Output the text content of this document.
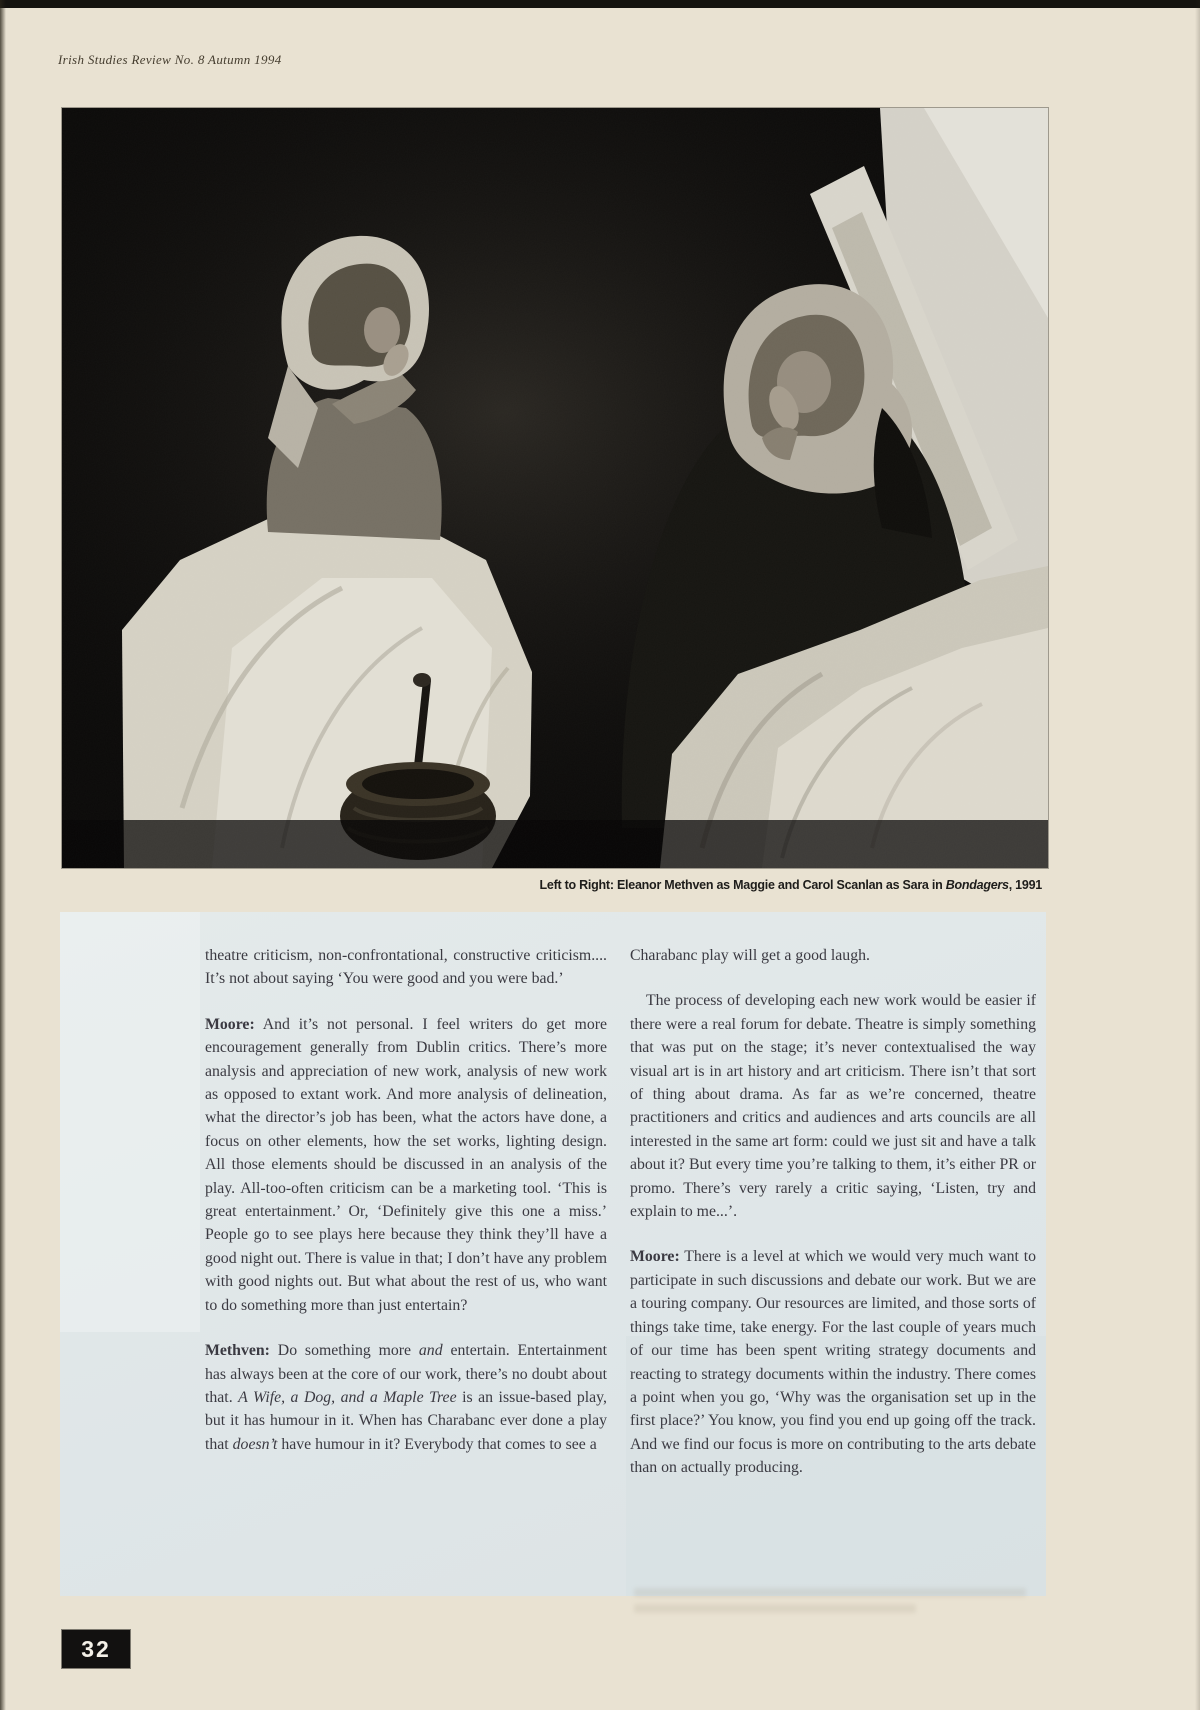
Irish Studies Review No. 8 Autumn 1994
Left to Right: Eleanor Methven as Maggie and Carol Scanlan as Sara in Bondagers, 1991

theatre criticism, non-confrontational, constructive criticism.... It’s not about saying ‘You were good and you were bad.’

Moore: And it’s not personal. I feel writers do get more encouragement generally from Dublin critics. There’s more analysis and appreciation of new work, analysis of new work as opposed to extant work. And more analysis of delineation, what the director’s job has been, what the actors have done, a focus on other elements, how the set works, lighting design. All those elements should be discussed in an analysis of the play. All-too-often criticism can be a marketing tool. ‘This is great entertainment.’ Or, ‘Definitely give this one a miss.’ People go to see plays here because they think they’ll have a good night out. There is value in that; I don’t have any problem with good nights out. But what about the rest of us, who want to do something more than just entertain?

Methven: Do something more and entertain. Entertainment has always been at the core of our work, there’s no doubt about that. A Wife, a Dog, and a Maple Tree is an issue-based play, but it has humour in it. When has Charabanc ever done a play that doesn’t have humour in it? Everybody that comes to see a

Charabanc play will get a good laugh.

The process of developing each new work would be easier if there were a real forum for debate. Theatre is simply something that was put on the stage; it’s never contextualised the way visual art is in art history and art criticism. There isn’t that sort of thing about drama. As far as we’re concerned, theatre practitioners and critics and audiences and arts councils are all interested in the same art form: could we just sit and have a talk about it? But every time you’re talking to them, it’s either PR or promo. There’s very rarely a critic saying, ‘Listen, try and explain to me...’.

Moore: There is a level at which we would very much want to participate in such discussions and debate our work. But we are a touring company. Our resources are limited, and those sorts of things take time, take energy. For the last couple of years much of our time has been spent writing strategy documents and reacting to strategy documents within the industry. There comes a point when you go, ‘Why was the organisation set up in the first place?’ You know, you find you end up going off the track. And we find our focus is more on contributing to the arts debate than on actually producing.

32
